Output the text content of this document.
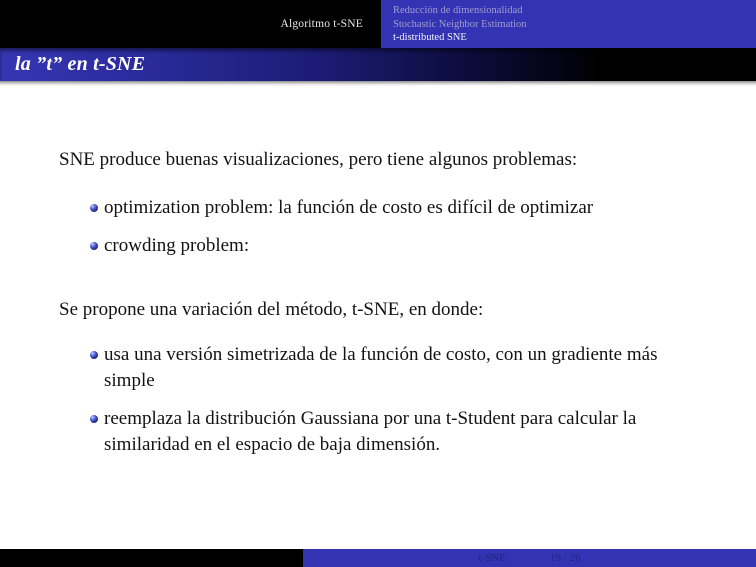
Algoritmo t-SNE
Reducción de dimensionalidad
Stochastic Neighbor Estimation
t-distributed SNE
la ”t” en t-SNE

SNE produce buenas visualizaciones, pero tiene algunos problemas:

optimization problem: la función de costo es difícil de optimizar
crowding problem:

Se propone una variación del método, t-SNE, en donde:

usa una versión simetrizada de la función de costo, con un gradiente más simple
reemplaza la distribución Gaussiana por una t-Student para calcular la similaridad en el espacio de baja dimensión.
t-SNE	19 / 26
